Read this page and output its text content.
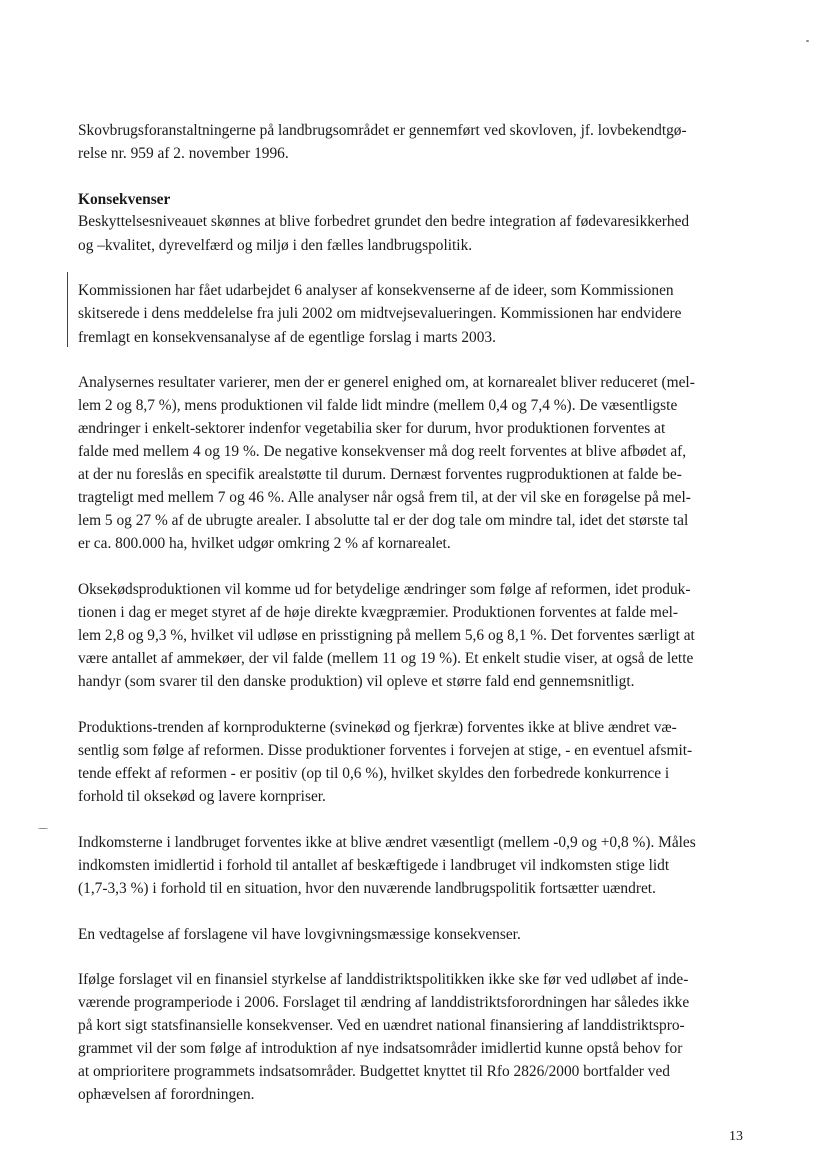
Skovbrugsforanstaltningerne på landbrugsområdet er gennemført ved skovloven, jf. lovbekendtgø-

relse nr. 959 af 2. november 1996.

Konsekvenser

Beskyttelsesniveauet skønnes at blive forbedret grundet den bedre integration af fødevaresikkerhed

og –kvalitet, dyrevelfærd og miljø i den fælles landbrugspolitik.

Kommissionen har fået udarbejdet 6 analyser af konsekvenserne af de ideer, som Kommissionen

skitserede i dens meddelelse fra juli 2002 om midtvejsevalueringen. Kommissionen har endvidere

fremlagt en konsekvensanalyse af de egentlige forslag i marts 2003.

Analysernes resultater varierer, men der er generel enighed om, at kornarealet bliver reduceret (mel-

lem 2 og 8,7 %), mens produktionen vil falde lidt mindre (mellem 0,4 og 7,4 %). De væsentligste

ændringer i enkelt-sektorer indenfor vegetabilia sker for durum, hvor produktionen forventes at

falde med mellem 4 og 19 %. De negative konsekvenser må dog reelt forventes at blive afbødet af,

at der nu foreslås en specifik arealstøtte til durum. Dernæst forventes rugproduktionen at falde be-

tragteligt med mellem 7 og 46 %. Alle analyser når også frem til, at der vil ske en forøgelse på mel-

lem 5 og 27 % af de ubrugte arealer. I absolutte tal er der dog tale om mindre tal, idet det største tal

er ca. 800.000 ha, hvilket udgør omkring 2 % af kornarealet.

Oksekødsproduktionen vil komme ud for betydelige ændringer som følge af reformen, idet produk-

tionen i dag er meget styret af de høje direkte kvægpræmier. Produktionen forventes at falde mel-

lem 2,8 og 9,3 %, hvilket vil udløse en prisstigning på mellem 5,6 og 8,1 %. Det forventes særligt at

være antallet af ammekøer, der vil falde (mellem 11 og 19 %). Et enkelt studie viser, at også de lette

handyr (som svarer til den danske produktion) vil opleve et større fald end gennemsnitligt.

Produktions-trenden af kornprodukterne (svinekød og fjerkræ) forventes ikke at blive ændret væ-

sentlig som følge af reformen. Disse produktioner forventes i forvejen at stige, - en eventuel afsmit-

tende effekt af reformen - er positiv (op til 0,6 %), hvilket skyldes den forbedrede konkurrence i

forhold til oksekød og lavere kornpriser.

Indkomsterne i landbruget forventes ikke at blive ændret væsentligt (mellem -0,9 og +0,8 %). Måles

indkomsten imidlertid i forhold til antallet af beskæftigede i landbruget vil indkomsten stige lidt

(1,7-3,3 %) i forhold til en situation, hvor den nuværende landbrugspolitik fortsætter uændret.

En vedtagelse af forslagene vil have lovgivningsmæssige konsekvenser.

Ifølge forslaget vil en finansiel styrkelse af landdistriktspolitikken ikke ske før ved udløbet af inde-

værende programperiode i 2006. Forslaget til ændring af landdistriktsforordningen har således ikke

på kort sigt statsfinansielle konsekvenser. Ved en uændret national finansiering af landdistriktspro-

grammet vil der som følge af introduktion af nye indsatsområder imidlertid kunne opstå behov for

at omprioritere programmets indsatsområder. Budgettet knyttet til Rfo 2826/2000 bortfalder ved

ophævelsen af forordningen.

13
